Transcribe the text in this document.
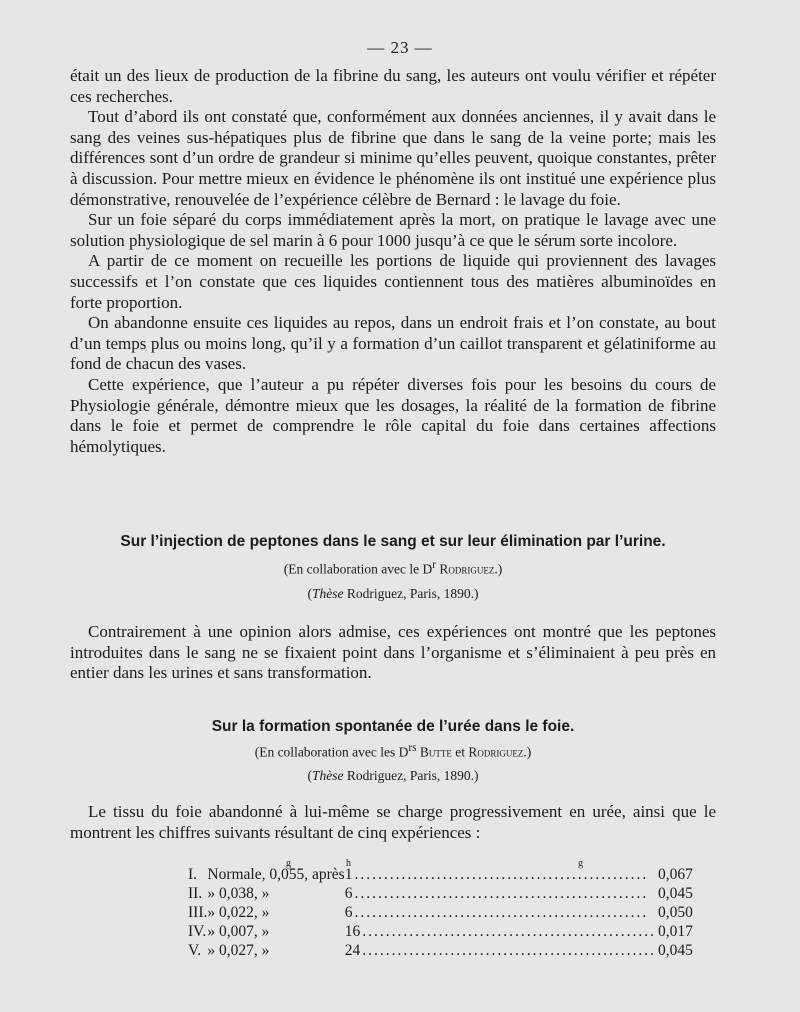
— 23 —

était un des lieux de production de la fibrine du sang, les auteurs ont voulu vérifier et répéter ces recherches.

Tout d’abord ils ont constaté que, conformément aux données anciennes, il y avait dans le sang des veines sus-hépatiques plus de fibrine que dans le sang de la veine porte; mais les différences sont d’un ordre de grandeur si minime qu’elles peuvent, quoique constantes, prêter à discussion. Pour mettre mieux en évidence le phénomène ils ont institué une expérience plus démonstrative, renouvelée de l’expérience célèbre de Bernard : le lavage du foie.

Sur un foie séparé du corps immédiatement après la mort, on pratique le lavage avec une solution physiologique de sel marin à 6 pour 1000 jusqu’à ce que le sérum sorte incolore.

A partir de ce moment on recueille les portions de liquide qui proviennent des lavages successifs et l’on constate que ces liquides contiennent tous des matières albuminoïdes en forte proportion.

On abandonne ensuite ces liquides au repos, dans un endroit frais et l’on constate, au bout d’un temps plus ou moins long, qu’il y a formation d’un caillot transparent et gélatiniforme au fond de chacun des vases.

Cette expérience, que l’auteur a pu répéter diverses fois pour les besoins du cours de Physiologie générale, démontre mieux que les dosages, la réalité de la formation de fibrine dans le foie et permet de comprendre le rôle capital du foie dans certaines affections hémolytiques.

Sur l’injection de peptones dans le sang et sur leur élimination par l’urine.
(En collaboration avec le $D^r$ Rodriguez.)
(Thèse Rodriguez, Paris, 1890.)

Contrairement à une opinion alors admise, ces expériences ont montré que les peptones introduites dans le sang ne se fixaient point dans l’organisme et s’éliminaient à peu près en entier dans les urines et sans transformation.

Sur la formation spontanée de l’urée dans le foie.
(En collaboration avec les $D^{rs}$ Butte et Rodriguez.)
(Thèse Rodriguez, Paris, 1890.)

Le tissu du foie abandonné à lui-même se charge progressivement en urée, ainsi que le montrent les chiffres suivants résultant de cinq expériences :

g	h	g
I.	Normale, 0,055, après	1 ..................................................	0,067
II.	» 0,038, »	6 ..................................................	0,045
III.	» 0,022, »	6 ..................................................	0,050
IV.	» 0,007, »	16 ..................................................	0,017
V.	» 0,027, »	24 ..................................................	0,045
